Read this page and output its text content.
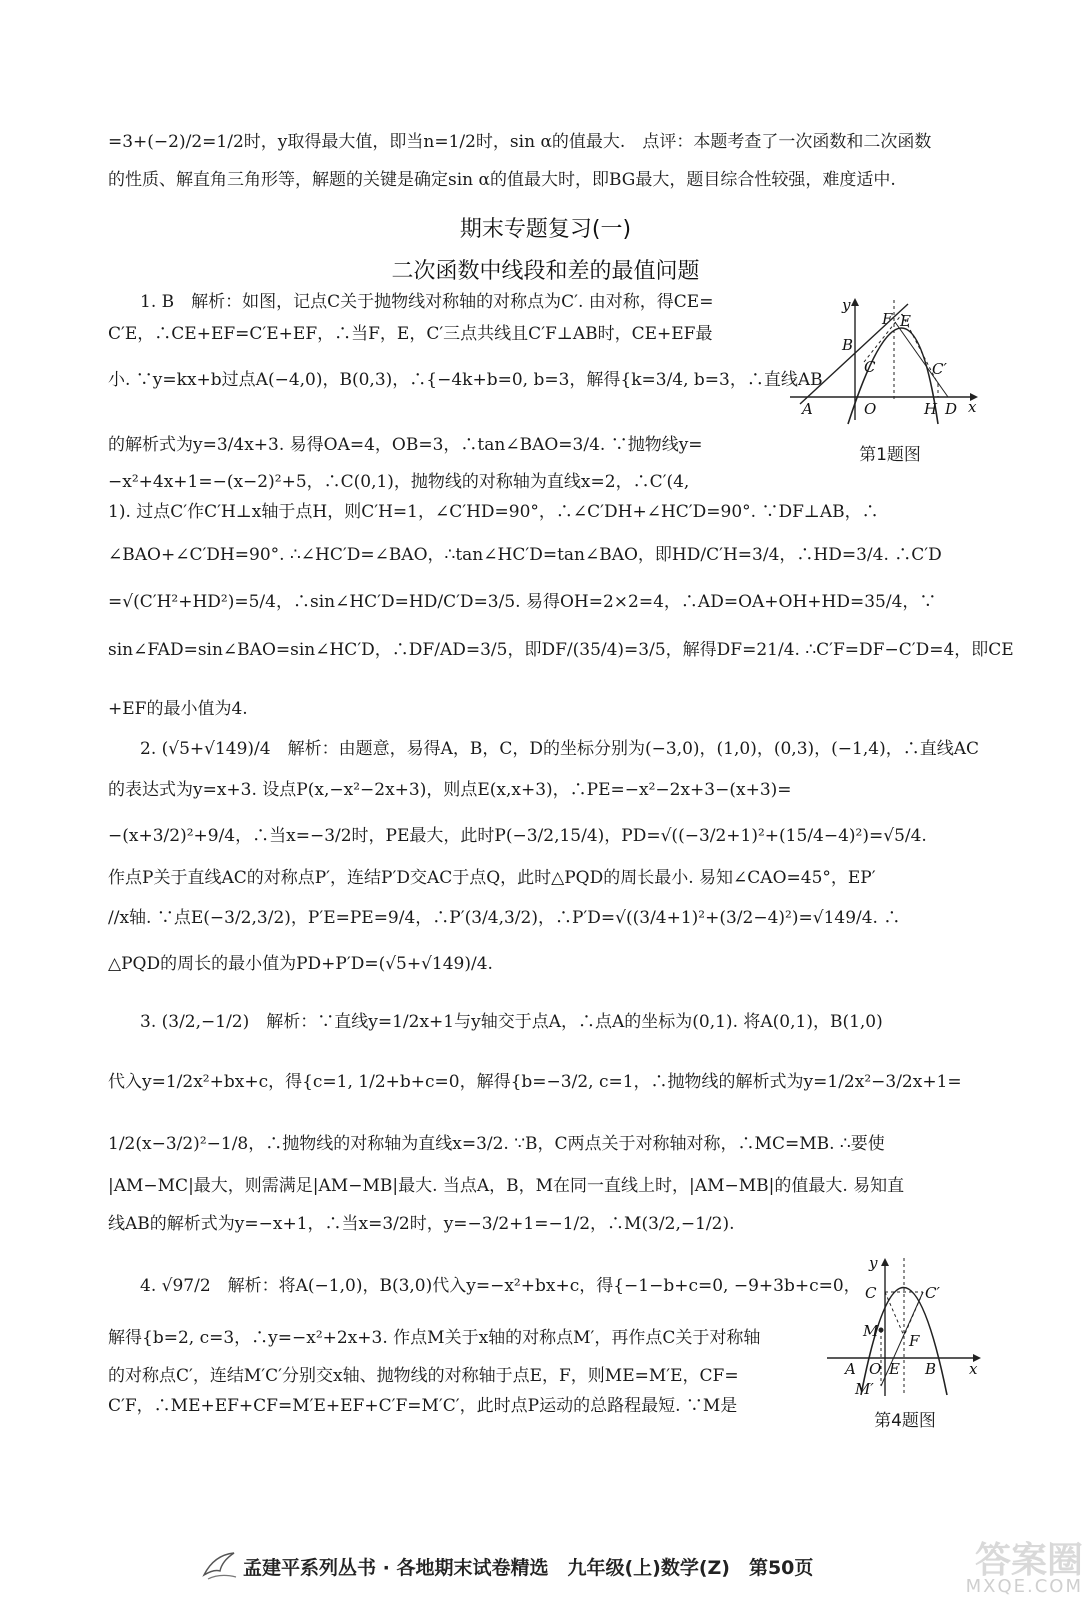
=3+(−2)/2=1/2时，y取得最大值，即当n=1/2时，sin α的值最大.　点评：本题考查了一次函数和二次函数
的性质、解直角三角形等，解题的关键是确定sin α的值最大时，即BG最大，题目综合性较强，难度适中.
期末专题复习(一)
二次函数中线段和差的最值问题
1. B　解析：如图，记点C关于抛物线对称轴的对称点为C′. 由对称，得CE=
C′E，∴CE+EF=C′E+EF，∴当F，E，C′三点共线且C′F⊥AB时，CE+EF最
小. ∵y=kx+b过点A(−4,0)，B(0,3)，∴{−4k+b=0, b=3，解得{k=3/4, b=3，∴直线AB
的解析式为y=3/4x+3. 易得OA=4，OB=3，∴tan∠BAO=3/4. ∵抛物线y=
−x²+4x+1=−(x−2)²+5，∴C(0,1)，抛物线的对称轴为直线x=2，∴C′(4,
1). 过点C′作C′H⊥x轴于点H，则C′H=1，∠C′HD=90°，∴∠C′DH+∠HC′D=90°. ∵DF⊥AB，∴
∠BAO+∠C′DH=90°. ∴∠HC′D=∠BAO，∴tan∠HC′D=tan∠BAO，即HD/C′H=3/4，∴HD=3/4. ∴C′D
=√(C′H²+HD²)=5/4，∴sin∠HC′D=HD/C′D=3/5. 易得OH=2×2=4，∴AD=OA+OH+HD=35/4，∵
sin∠FAD=sin∠BAO=sin∠HC′D，∴DF/AD=3/5，即DF/(35/4)=3/5，解得DF=21/4. ∴C′F=DF−C′D=4，即CE
+EF的最小值为4.
y
x
B
F E
C	C′
A	O	H D
第1题图
2. (√5+√149)/4　解析：由题意，易得A，B，C，D的坐标分别为(−3,0)，(1,0)，(0,3)，(−1,4)，∴直线AC
的表达式为y=x+3. 设点P(x,−x²−2x+3)，则点E(x,x+3)，∴PE=−x²−2x+3−(x+3)=
−(x+3/2)²+9/4，∴当x=−3/2时，PE最大，此时P(−3/2,15/4)，PD=√((−3/2+1)²+(15/4−4)²)=√5/4.
作点P关于直线AC的对称点P′，连结P′D交AC于点Q，此时△PQD的周长最小. 易知∠CAO=45°，EP′
//x轴. ∵点E(−3/2,3/2)，P′E=PE=9/4，∴P′(3/4,3/2)，∴P′D=√((3/4+1)²+(3/2−4)²)=√149/4. ∴
△PQD的周长的最小值为PD+P′D=(√5+√149)/4.
3. (3/2,−1/2)　解析：∵直线y=1/2x+1与y轴交于点A，∴点A的坐标为(0,1). 将A(0,1)，B(1,0)
代入y=1/2x²+bx+c，得{c=1, 1/2+b+c=0，解得{b=−3/2, c=1，∴抛物线的解析式为y=1/2x²−3/2x+1=
1/2(x−3/2)²−1/8，∴抛物线的对称轴为直线x=3/2. ∵B，C两点关于对称轴对称，∴MC=MB. ∴要使
|AM−MC|最大，则需满足|AM−MB|最大. 当点A，B，M在同一直线上时，|AM−MB|的值最大. 易知直
线AB的解析式为y=−x+1，∴当x=3/2时，y=−3/2+1=−1/2，∴M(3/2,−1/2).
4. √97/2　解析：将A(−1,0)，B(3,0)代入y=−x²+bx+c，得{−1−b+c=0, −9+3b+c=0，
解得{b=2, c=3，∴y=−x²+2x+3. 作点M关于x轴的对称点M′，再作点C关于对称轴
的对称点C′，连结M′C′分别交x轴、抛物线的对称轴于点E，F，则ME=M′E，CF=
C′F，∴ME+EF+CF=M′E+EF+C′F=M′C′，此时点P运动的总路程最短. ∵M是
y
x
C	C′
M
F
A O E B
M′
第4题图
孟建平系列丛书 · 各地期末试卷精选　九年级(上)数学(Z)　第50页	答案圈
MXQE.COM
